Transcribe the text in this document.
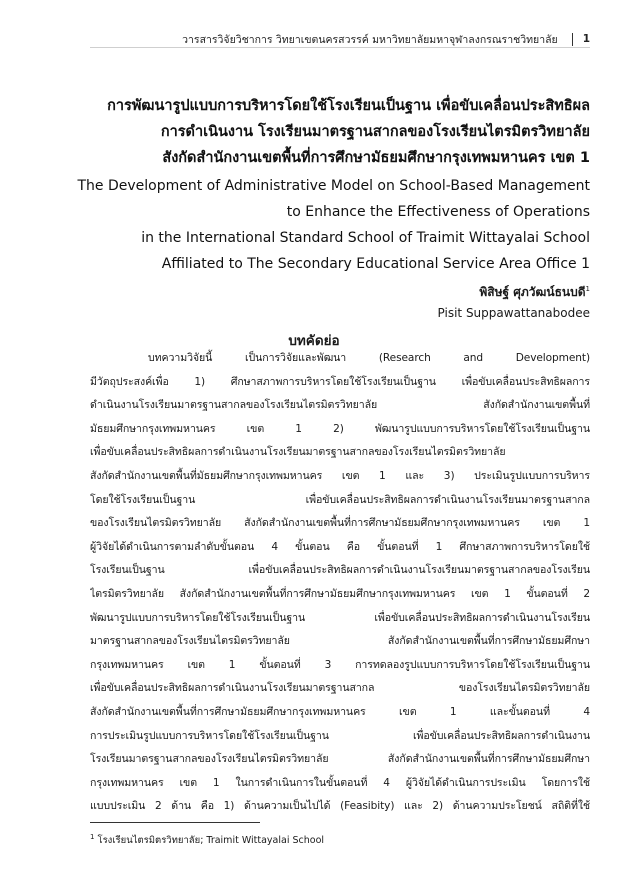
วารสารวิจัยวิชาการ วิทยาเขตนครสวรรค์ มหาวิทยาลัยมหาจุฬาลงกรณราชวิทยาลัย 1
การพัฒนารูปแบบการบริหารโดยใช้โรงเรียนเป็นฐาน เพื่อขับเคลื่อนประสิทธิผล
การดำเนินงาน โรงเรียนมาตรฐานสากลของโรงเรียนไตรมิตรวิทยาลัย
สังกัดสำนักงานเขตพื้นที่การศึกษามัธยมศึกษากรุงเทพมหานคร เขต 1
The Development of Administrative Model on School-Based Management
to Enhance the Effectiveness of Operations
in the International Standard School of Traimit Wittayalai School
Affiliated to The Secondary Educational Service Area Office 1
พิสิษฐ์ ศุภวัฒน์ธนบดี$^1$
Pisit Suppawattanabodee
บทคัดย่อ
บทความวิจัยนี้ เป็นการวิจัยและพัฒนา (Research and Development)
มีวัตถุประสงค์เพื่อ 1) ศึกษาสภาพการบริหารโดยใช้โรงเรียนเป็นฐาน เพื่อขับเคลื่อนประสิทธิผลการ
ดำเนินงานโรงเรียนมาตรฐานสากลของโรงเรียนไตรมิตรวิทยาลัย สังกัดสำนักงานเขตพื้นที่
มัธยมศึกษากรุงเทพมหานคร เขต 1 2) พัฒนารูปแบบการบริหารโดยใช้โรงเรียนเป็นฐาน
เพื่อขับเคลื่อนประสิทธิผลการดำเนินงานโรงเรียนมาตรฐานสากลของโรงเรียนไตรมิตรวิทยาลัย
สังกัดสำนักงานเขตพื้นที่มัธยมศึกษากรุงเทพมหานคร เขต 1 และ 3) ประเมินรูปแบบการบริหาร
โดยใช้โรงเรียนเป็นฐาน เพื่อขับเคลื่อนประสิทธิผลการดำเนินงานโรงเรียนมาตรฐานสากล
ของโรงเรียนไตรมิตรวิทยาลัย สังกัดสำนักงานเขตพื้นที่การศึกษามัธยมศึกษากรุงเทพมหานคร เขต 1
ผู้วิจัยได้ดำเนินการตามลำดับขั้นตอน 4 ขั้นตอน คือ ขั้นตอนที่ 1 ศึกษาสภาพการบริหารโดยใช้
โรงเรียนเป็นฐาน เพื่อขับเคลื่อนประสิทธิผลการดำเนินงานโรงเรียนมาตรฐานสากลของโรงเรียน
ไตรมิตรวิทยาลัย สังกัดสำนักงานเขตพื้นที่การศึกษามัธยมศึกษากรุงเทพมหานคร เขต 1 ขั้นตอนที่ 2
พัฒนารูปแบบการบริหารโดยใช้โรงเรียนเป็นฐาน เพื่อขับเคลื่อนประสิทธิผลการดำเนินงานโรงเรียน
มาตรฐานสากลของโรงเรียนไตรมิตรวิทยาลัย สังกัดสำนักงานเขตพื้นที่การศึกษามัธยมศึกษา
กรุงเทพมหานคร เขต 1 ขั้นตอนที่ 3 การทดลองรูปแบบการบริหารโดยใช้โรงเรียนเป็นฐาน
เพื่อขับเคลื่อนประสิทธิผลการดำเนินงานโรงเรียนมาตรฐานสากล ของโรงเรียนไตรมิตรวิทยาลัย
สังกัดสำนักงานเขตพื้นที่การศึกษามัธยมศึกษากรุงเทพมหานคร เขต 1 และขั้นตอนที่ 4
การประเมินรูปแบบการบริหารโดยใช้โรงเรียนเป็นฐาน เพื่อขับเคลื่อนประสิทธิผลการดำเนินงาน
โรงเรียนมาตรฐานสากลของโรงเรียนไตรมิตรวิทยาลัย สังกัดสำนักงานเขตพื้นที่การศึกษามัธยมศึกษา
กรุงเทพมหานคร เขต 1 ในการดำเนินการในขั้นตอนที่ 4 ผู้วิจัยได้ดำเนินการประเมิน โดยการใช้
แบบประเมิน 2 ด้าน คือ 1) ด้านความเป็นไปได้ (Feasibity) และ 2) ด้านความประโยชน์ สถิติที่ใช้
$^1$ โรงเรียนไตรมิตรวิทยาลัย; Traimit Wittayalai School
